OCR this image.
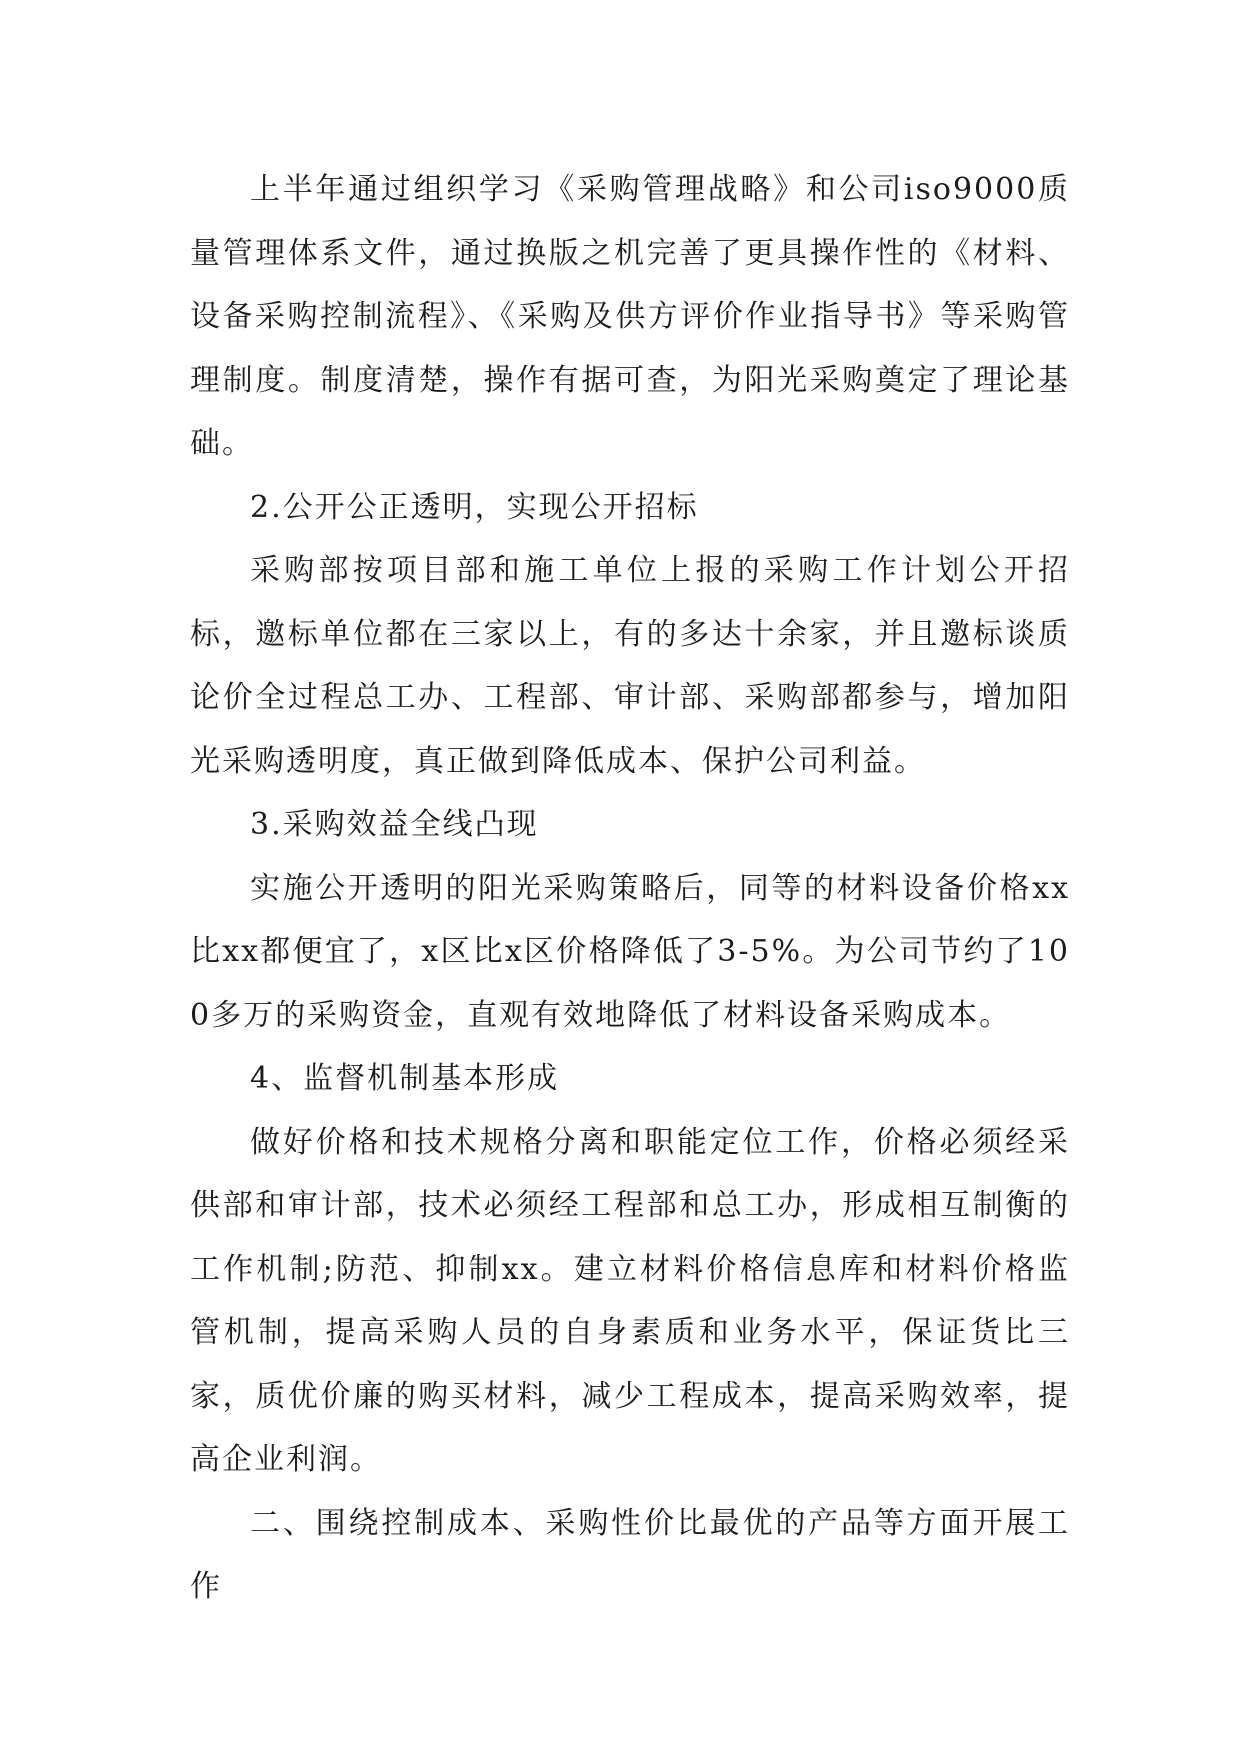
上半年通过组织学习《采购管理战略》和公司iso9000质量管理体系文件，通过换版之机完善了更具操作性的《材料、设备采购控制流程》、《采购及供方评价作业指导书》等采购管理制度。制度清楚，操作有据可查，为阳光采购奠定了理论基础。

2.公开公正透明，实现公开招标

采购部按项目部和施工单位上报的采购工作计划公开招标，邀标单位都在三家以上，有的多达十余家，并且邀标谈质论价全过程总工办、工程部、审计部、采购部都参与，增加阳光采购透明度，真正做到降低成本、保护公司利益。

3.采购效益全线凸现

实施公开透明的阳光采购策略后，同等的材料设备价格xx比xx都便宜了，x区比x区价格降低了3-5%。为公司节约了100多万的采购资金，直观有效地降低了材料设备采购成本。

4、监督机制基本形成

做好价格和技术规格分离和职能定位工作，价格必须经采供部和审计部，技术必须经工程部和总工办，形成相互制衡的工作机制;防范、抑制xx。建立材料价格信息库和材料价格监管机制，提高采购人员的自身素质和业务水平，保证货比三家，质优价廉的购买材料，减少工程成本，提高采购效率，提高企业利润。

二、围绕控制成本、采购性价比最优的产品等方面开展工作
